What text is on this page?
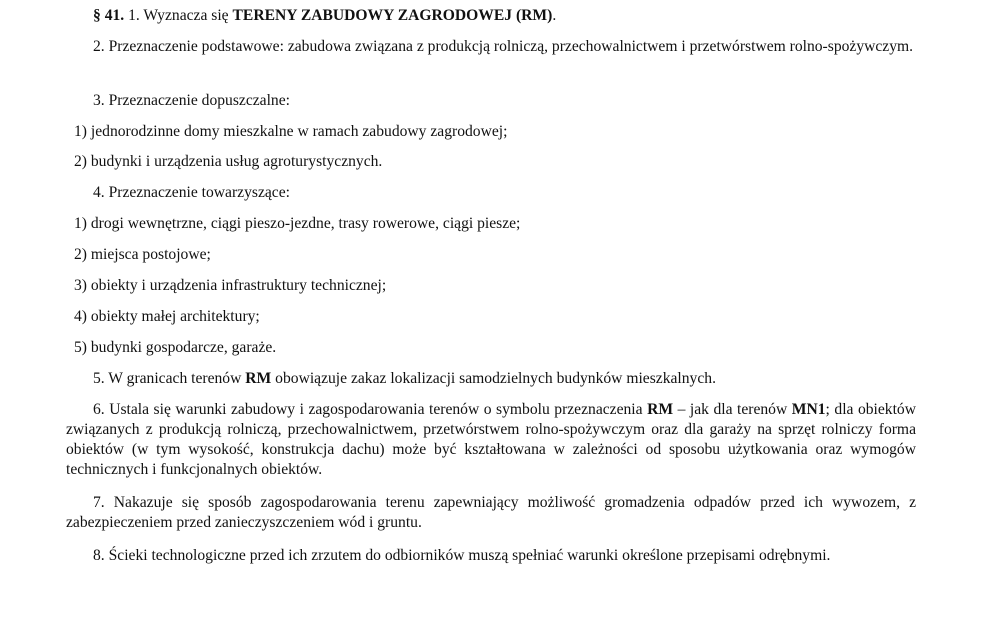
§ 41. 1. Wyznacza się TERENY ZABUDOWY ZAGRODOWEJ (RM).

2. Przeznaczenie podstawowe: zabudowa związana z produkcją rolniczą, przechowalnictwem i przetwórstwem rolno-spożywczym.

3. Przeznaczenie dopuszczalne:

1) jednorodzinne domy mieszkalne w ramach zabudowy zagrodowej;

2) budynki i urządzenia usług agroturystycznych.

4. Przeznaczenie towarzyszące:

1) drogi wewnętrzne, ciągi pieszo-jezdne, trasy rowerowe, ciągi piesze;

2) miejsca postojowe;

3) obiekty i urządzenia infrastruktury technicznej;

4) obiekty małej architektury;

5) budynki gospodarcze, garaże.

5. W granicach terenów RM obowiązuje zakaz lokalizacji samodzielnych budynków mieszkalnych.

6. Ustala się warunki zabudowy i zagospodarowania terenów o symbolu przeznaczenia RM – jak dla terenów MN1; dla obiektów związanych z produkcją rolniczą, przechowalnictwem, przetwórstwem rolno-spożywczym oraz dla garaży na sprzęt rolniczy forma obiektów (w tym wysokość, konstrukcja dachu) może być kształtowana w zależności od sposobu użytkowania oraz wymogów technicznych i funkcjonalnych obiektów.

7. Nakazuje się sposób zagospodarowania terenu zapewniający możliwość gromadzenia odpadów przed ich wywozem, z zabezpieczeniem przed zanieczyszczeniem wód i gruntu.

8. Ścieki technologiczne przed ich zrzutem do odbiorników muszą spełniać warunki określone przepisami odrębnymi.
